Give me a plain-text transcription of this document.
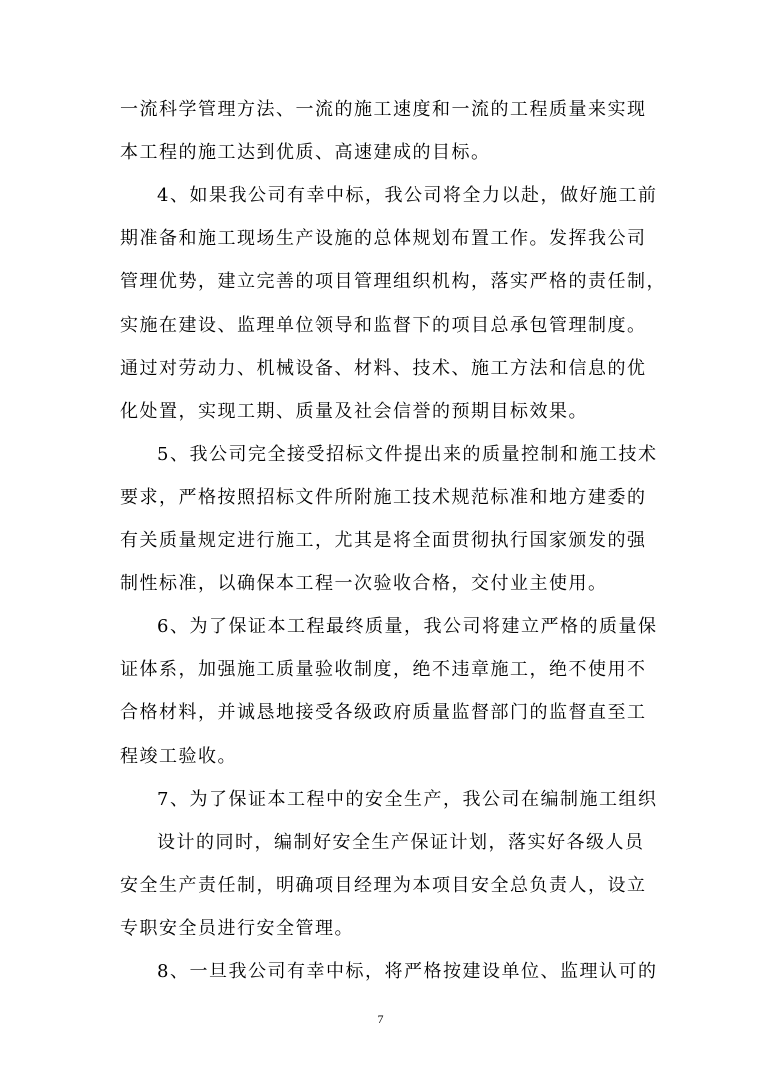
一流科学管理方法、一流的施工速度和一流的工程质量来实现
本工程的施工达到优质、高速建成的目标。
4、如果我公司有幸中标，我公司将全力以赴，做好施工前
期准备和施工现场生产设施的总体规划布置工作。发挥我公司
管理优势，建立完善的项目管理组织机构，落实严格的责任制，
实施在建设、监理单位领导和监督下的项目总承包管理制度。
通过对劳动力、机械设备、材料、技术、施工方法和信息的优
化处置，实现工期、质量及社会信誉的预期目标效果。
5、我公司完全接受招标文件提出来的质量控制和施工技术
要求，严格按照招标文件所附施工技术规范标准和地方建委的
有关质量规定进行施工，尤其是将全面贯彻执行国家颁发的强
制性标准，以确保本工程一次验收合格，交付业主使用。
6、为了保证本工程最终质量，我公司将建立严格的质量保
证体系，加强施工质量验收制度，绝不违章施工，绝不使用不
合格材料，并诚恳地接受各级政府质量监督部门的监督直至工
程竣工验收。
7、为了保证本工程中的安全生产，我公司在编制施工组织
设计的同时，编制好安全生产保证计划，落实好各级人员
安全生产责任制，明确项目经理为本项目安全总负责人，设立
专职安全员进行安全管理。
8、一旦我公司有幸中标，将严格按建设单位、监理认可的
7
